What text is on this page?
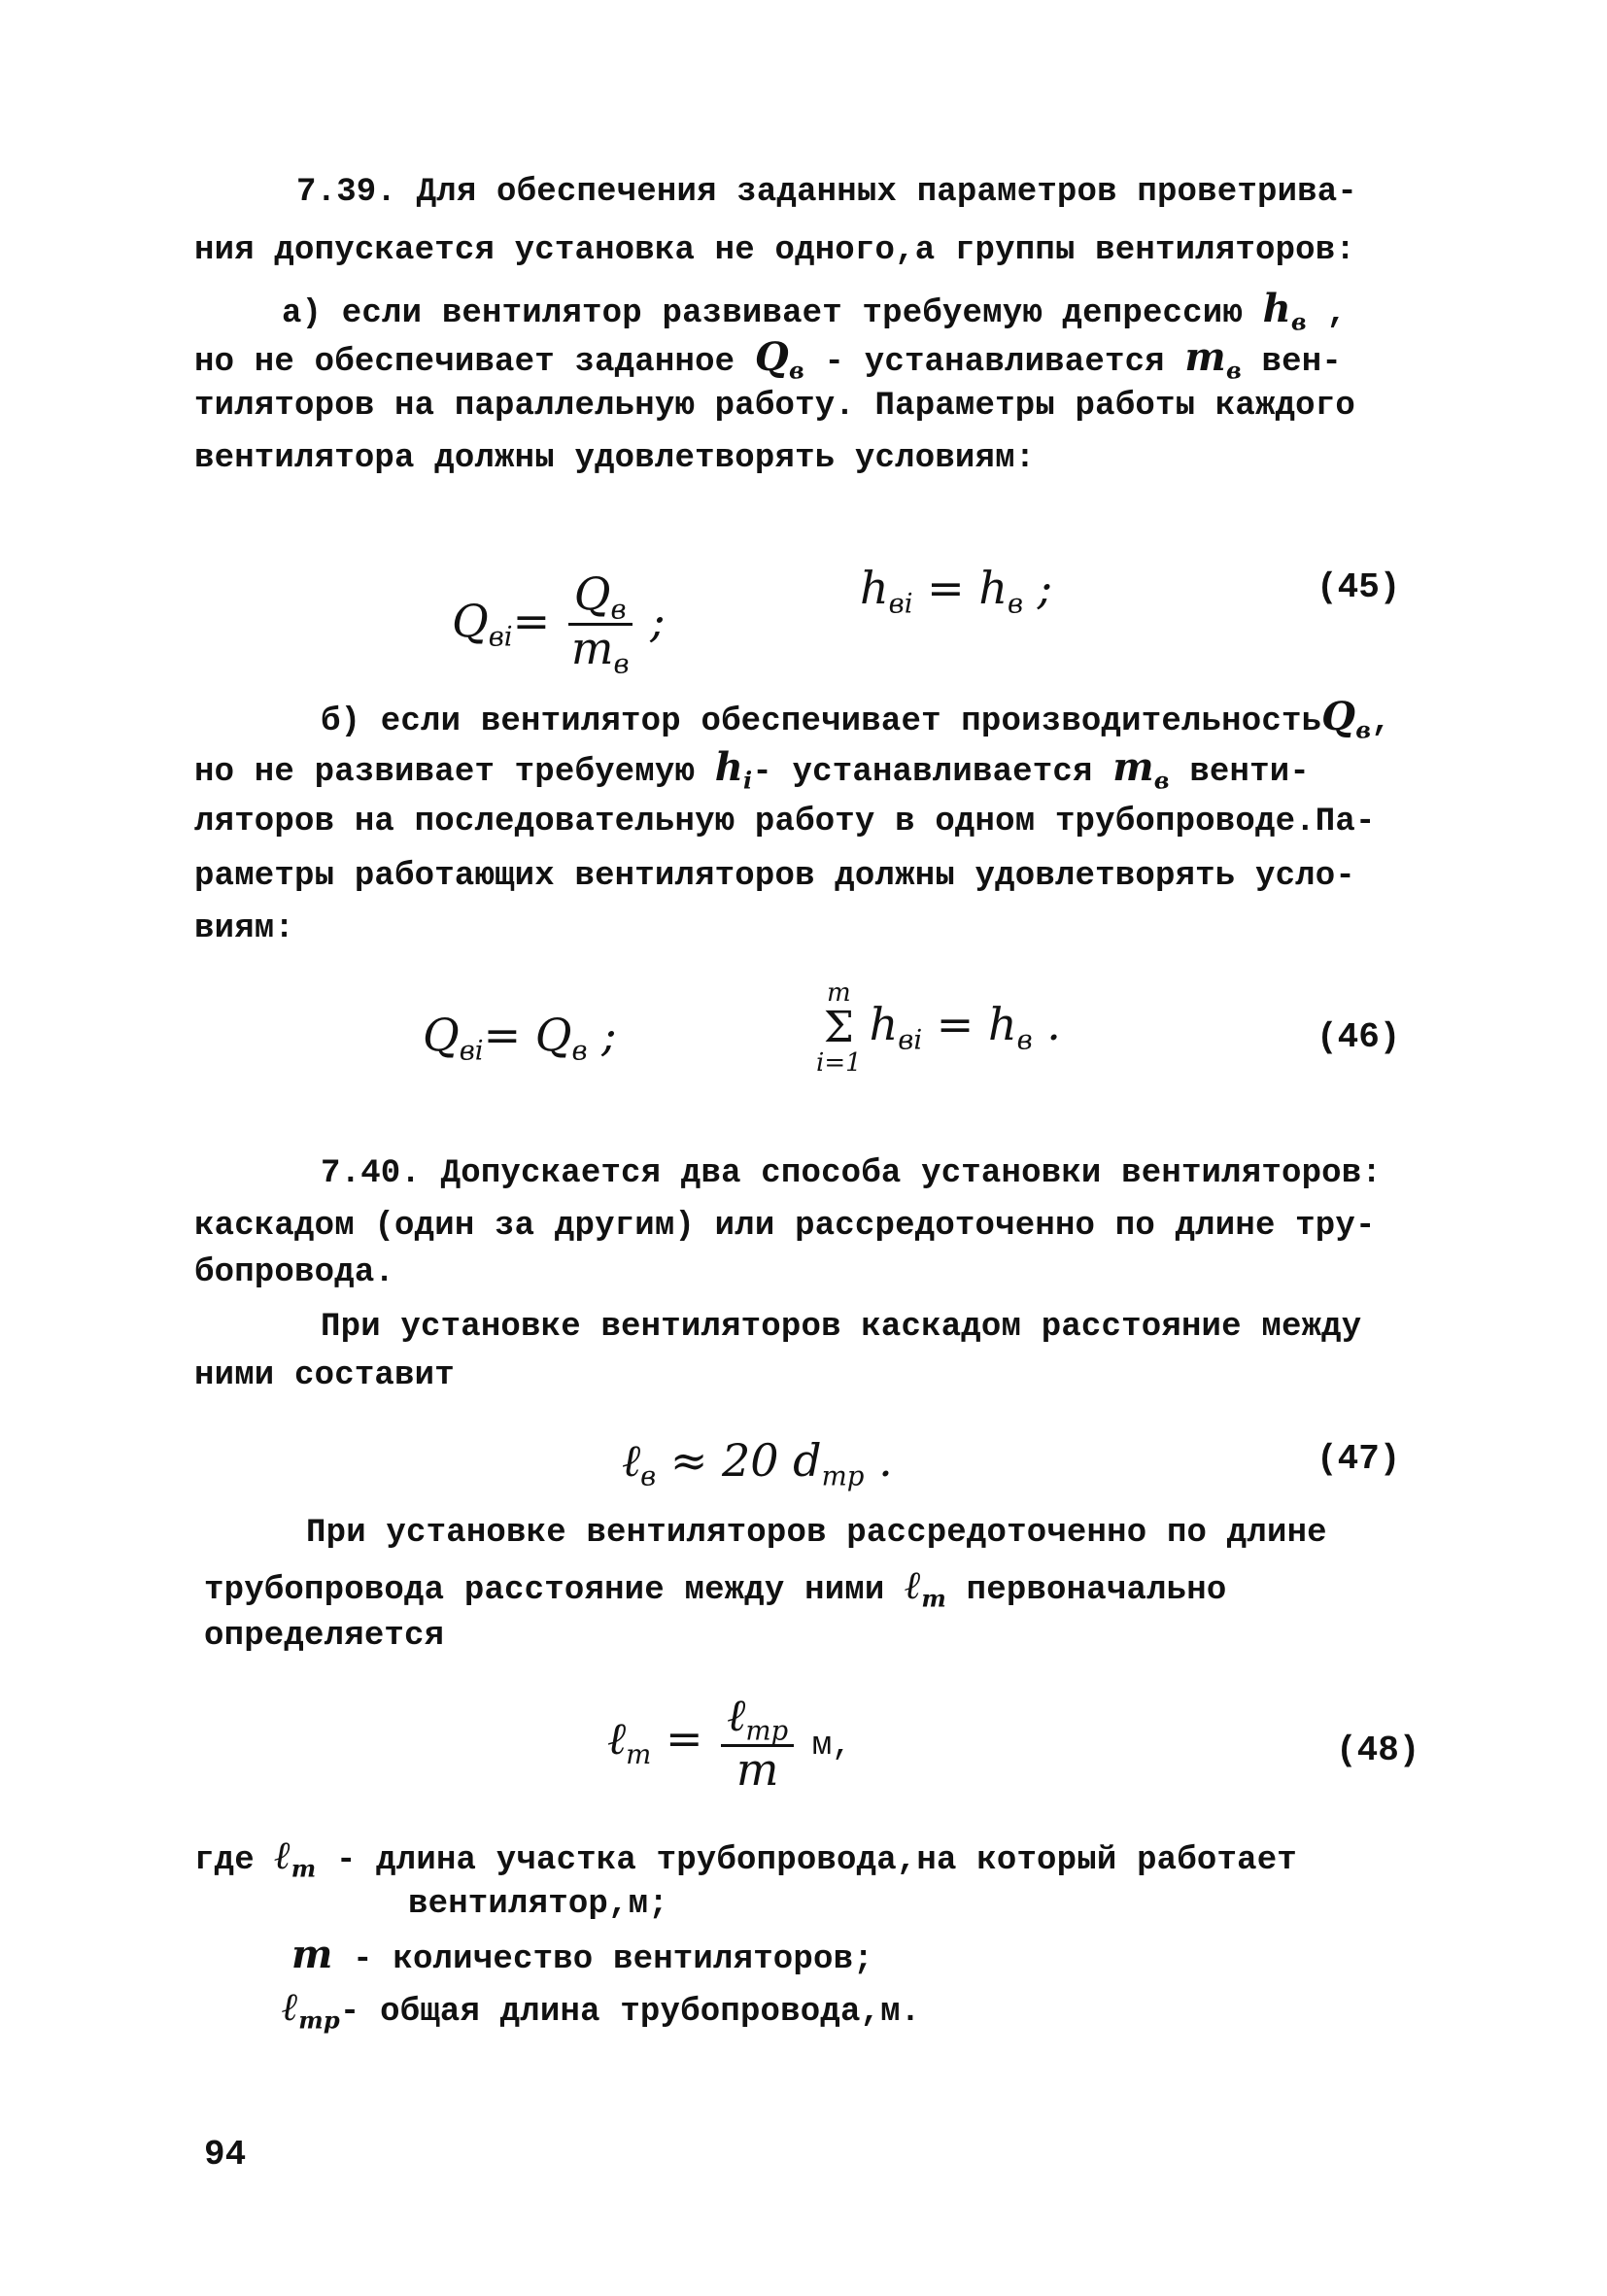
7.39. Для обеспечения заданных параметров проветрива-
ния допускается установка не одного,а группы вентиляторов:
а) если вентилятор развивает требуемую депрессию $h_в$ ,
но не обеспечивает заданное $Q_в$ - устанавливается $m_в$ вен-
тиляторов на параллельную работу. Параметры работы каждого
вентилятора должны удовлетворять условиям:
$Q_{вi}= \frac{Q_в}{m_в}$ ;
$h_{вi} = h_в$ ;	(45)
б) если вентилятор обеспечивает производительностьQ$_в$,
но не развивает требуемую $h_i-$ устанавливается $m_в$ венти-
ляторов на последовательную работу в одном трубопроводе.Па-
раметры работающих вентиляторов должны удовлетворять усло-
виям:
$Q_{вi}= Q_в$ ;
m
Σ
$i=1h_{вi} = h_в$ .	(46)
7.40. Допускается два способа установки вентиляторов:
каскадом (один за другим) или рассредоточенно по длине тру-
бопровода.
При установке вентиляторов каскадом расстояние между
ними составит
ℓ$_в$ ≈ 20 $d_{тр}$ .	(47)
При установке вентиляторов рассредоточенно по длине
трубопровода расстояние между ними ℓ$_m$ первоначально
определяется
ℓ$_m$ = $\frac{\ell_{тр}}{m} м$,	(48)
где ℓ$_m$ - длина участка трубопровода,на который работает
вентилятор,м;
m - количество вентиляторов;
ℓ$_{тр}$- общая длина трубопровода,м.
94
